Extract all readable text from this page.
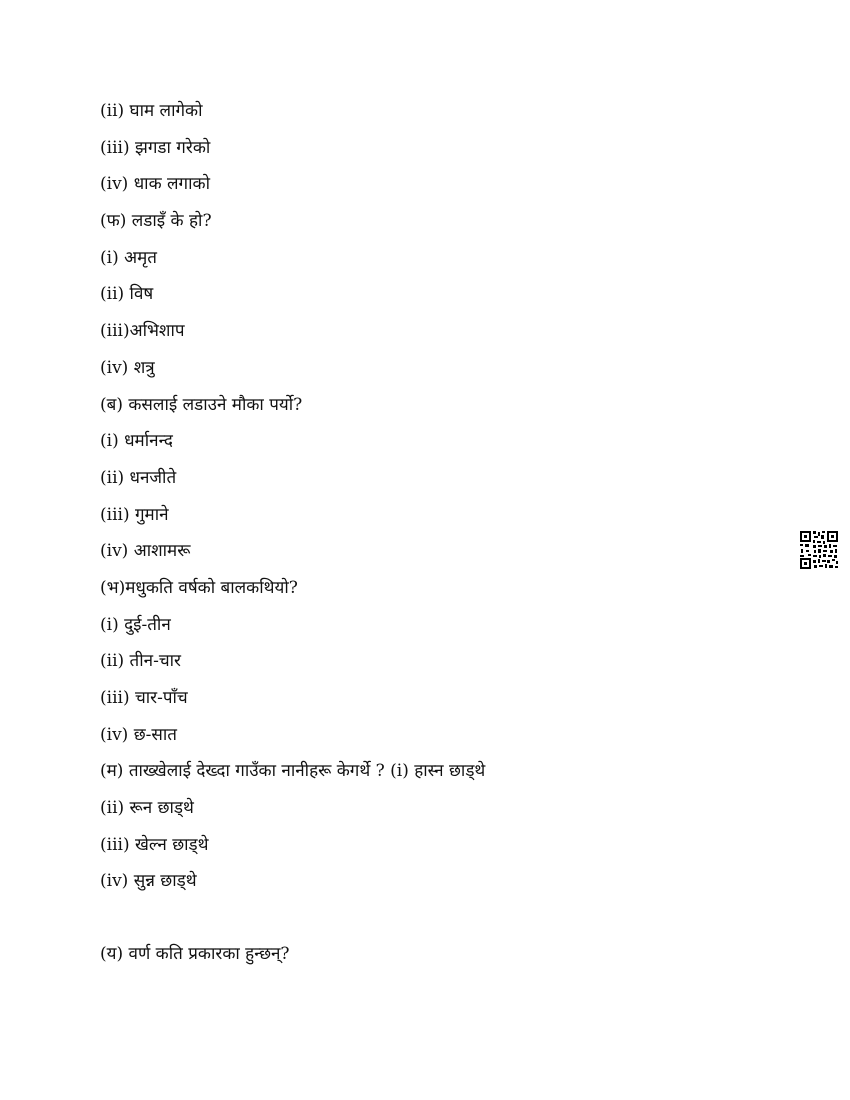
(ii) घाम लागेको
(iii) झगडा गरेको
(iv) धाक लगाको
(फ) लडाइँ के हो?
(i) अमृत
(ii) विष
(iii)अभिशाप
(iv) शत्रु
(ब) कसलाई लडाउने मौका पर्यो?
(i) धर्मानन्द
(ii) धनजीते
(iii) गुमाने
(iv) आशामरू
(भ)मधुकति वर्षको बालकथियो?
(i) दुई-तीन
(ii) तीन-चार
(iii) चार-पाँच
(iv) छ-सात
(म) ताख्खेलाई देख्दा गाउँका नानीहरू केगर्थे ? (i) हास्न छाड्थे
(ii) रून छाड्थे
(iii) खेल्न छाड्थे
(iv) सुन्न छाड्थे
(य) वर्ण कति प्रकारका हुन्छन्?
